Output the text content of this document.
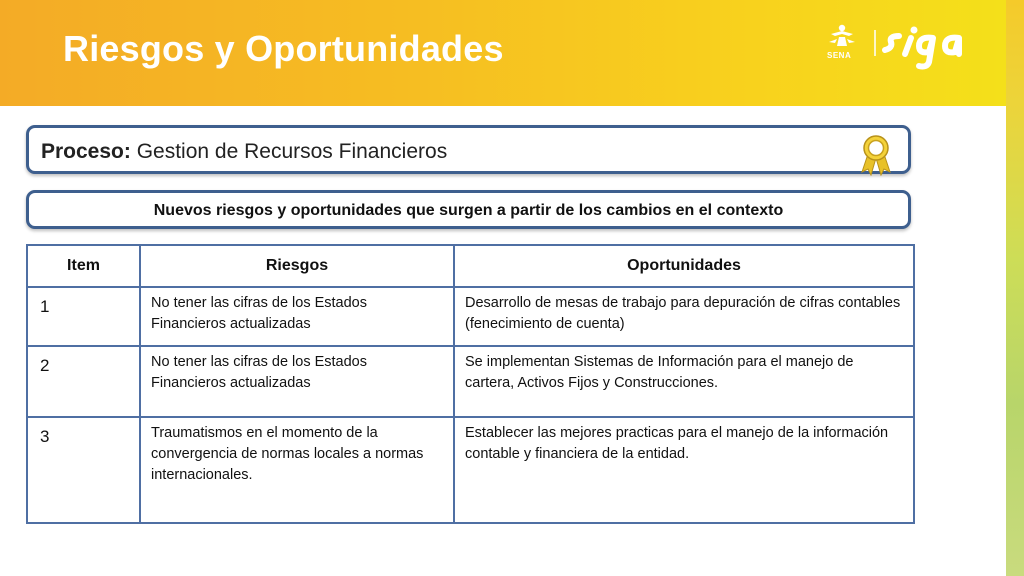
Riesgos y Oportunidades	SENA
Proceso: Gestion de Recursos Financieros
Nuevos riesgos y oportunidades que surgen a partir de los cambios en el contexto
Item	Riesgos	Oportunidades
1	No tener las cifras de los Estados Financieros actualizadas	Desarrollo de mesas de trabajo para depuración de cifras contables (fenecimiento de cuenta)
2	No tener las cifras de los Estados Financieros actualizadas	Se implementan Sistemas de Información para el manejo de cartera, Activos Fijos y Construcciones.
3	Traumatismos en el momento de la convergencia de normas locales a normas internacionales.	Establecer las mejores practicas para el manejo de la información contable y financiera de la entidad.
